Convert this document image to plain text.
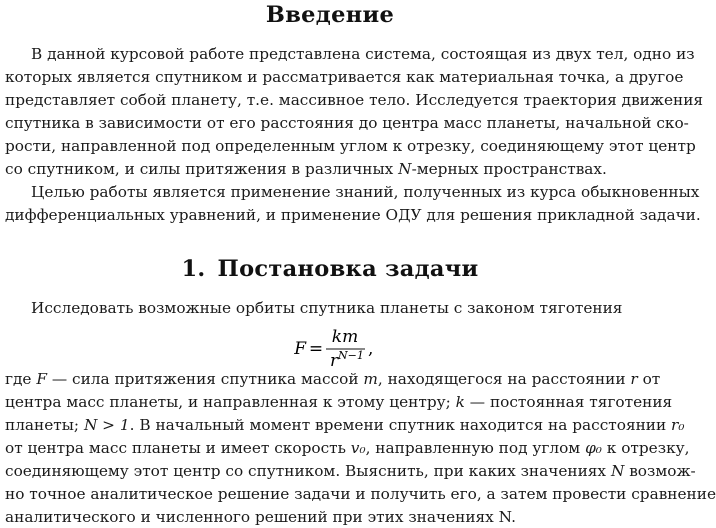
Введение
В данной курсовой работе представлена система, состоящая из двух тел, одно из
которых является спутником и рассматривается как материальная точка, а другое
представляет собой планету, т.е. массивное тело. Исследуется траектория движения
спутника в зависимости от его расстояния до центра масс планеты, начальной ско-
рости, направленной под определенным углом к отрезку, соединяющему этот центр
со спутником, и силы притяжения в различных N-мерных пространствах.
Целью работы является применение знаний, полученных из курса обыкновенных
дифференциальных уравнений, и применение ОДУ для решения прикладной задачи.
1. Постановка задачи
Исследовать возможные орбиты спутника планеты с законом тяготения
F =
km
r N−1 ,
где F — сила притяжения спутника массой m, находящегося на расстоянии r от
центра масс планеты, и направленная к этому центру; k — постоянная тяготения
планеты; N > 1. В начальный момент времени спутник находится на расстоянии r₀
от центра масс планеты и имеет скорость v₀, направленную под углом φ₀ к отрезку,
соединяющему этот центр со спутником. Выяснить, при каких значениях N возмож-
но точное аналитическое решение задачи и получить его, а затем провести сравнение
аналитического и численного решений при этих значениях N.
